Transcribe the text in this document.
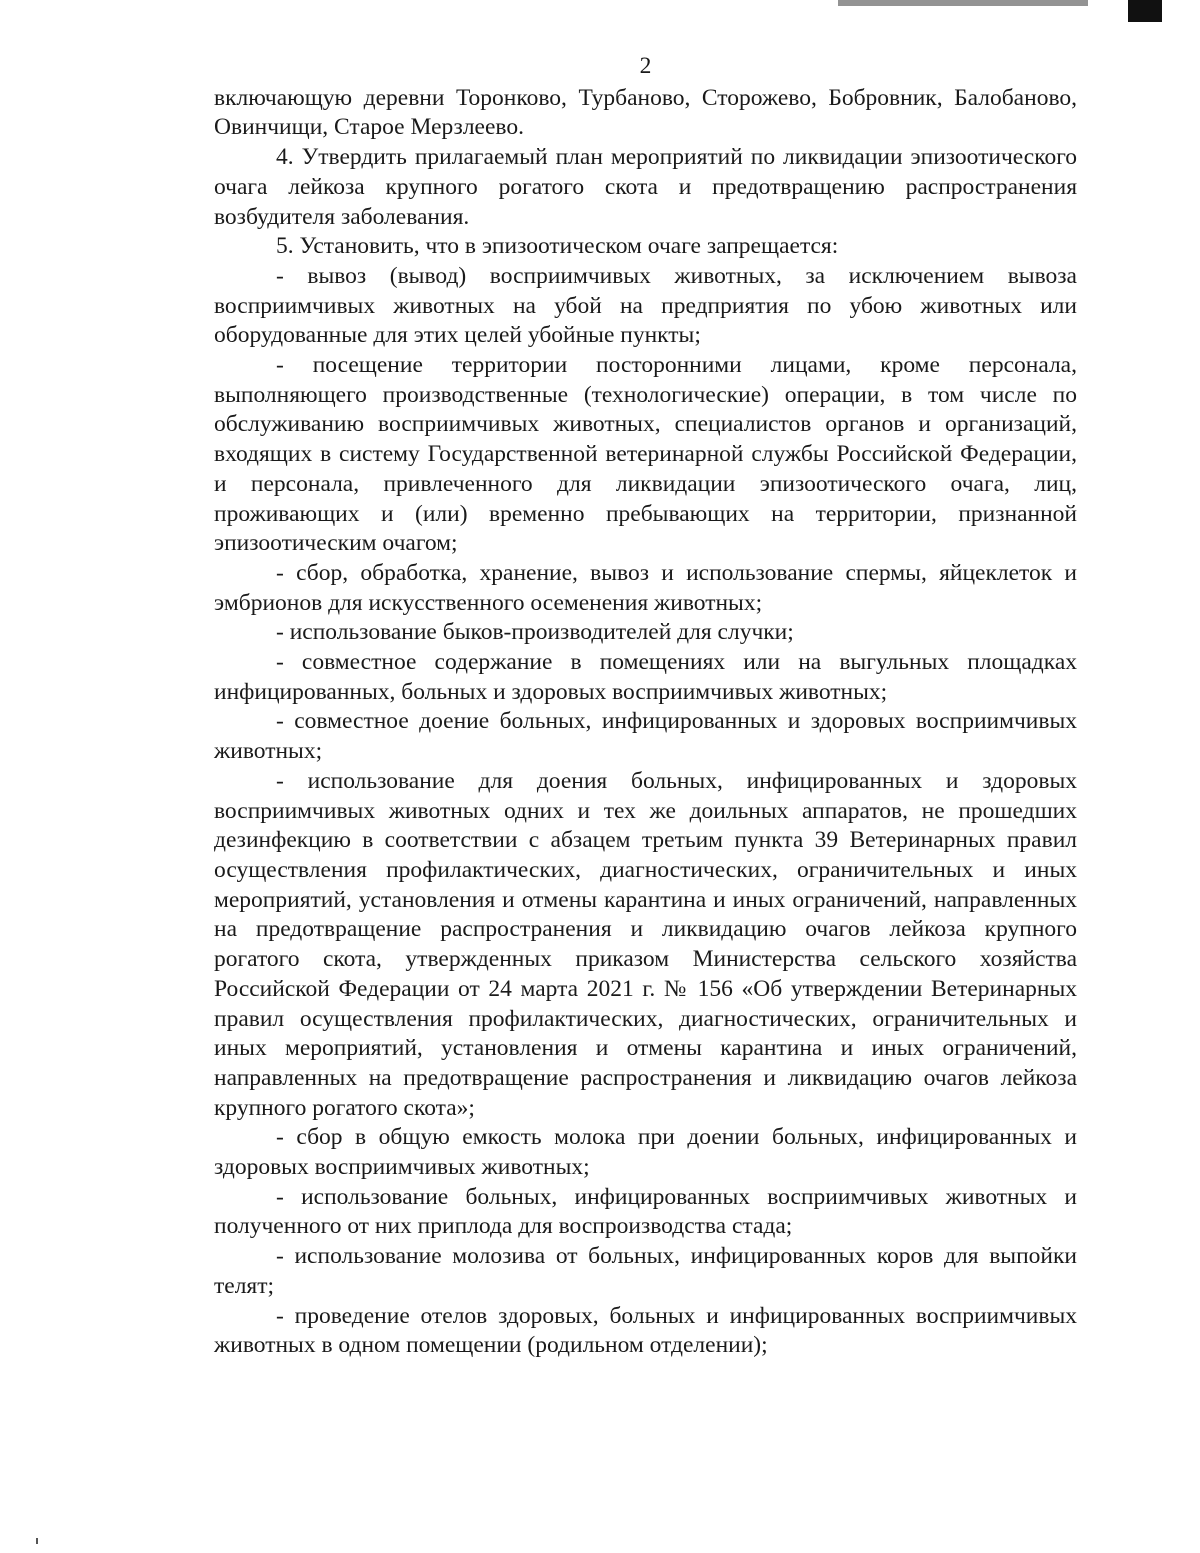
2

включающую деревни Торонково, Турбаново, Сторожево, Бобровник, Балобаново, Овинчищи, Старое Мерзлеево.

4. Утвердить прилагаемый план мероприятий по ликвидации эпизоотического очага лейкоза крупного рогатого скота и предотвращению распространения возбудителя заболевания.

5. Установить, что в эпизоотическом очаге запрещается:

- вывоз (вывод) восприимчивых животных, за исключением вывоза восприимчивых животных на убой на предприятия по убою животных или оборудованные для этих целей убойные пункты;

- посещение территории посторонними лицами, кроме персонала, выполняющего производственные (технологические) операции, в том числе по обслуживанию восприимчивых животных, специалистов органов и организаций, входящих в систему Государственной ветеринарной службы Российской Федерации, и персонала, привлеченного для ликвидации эпизоотического очага, лиц, проживающих и (или) временно пребывающих на территории, признанной эпизоотическим очагом;

- сбор, обработка, хранение, вывоз и использование спермы, яйцеклеток и эмбрионов для искусственного осеменения животных;

- использование быков-производителей для случки;

- совместное содержание в помещениях или на выгульных площадках инфицированных, больных и здоровых восприимчивых животных;

- совместное доение больных, инфицированных и здоровых восприимчивых животных;

- использование для доения больных, инфицированных и здоровых восприимчивых животных одних и тех же доильных аппаратов, не прошедших дезинфекцию в соответствии с абзацем третьим пункта 39 Ветеринарных правил осуществления профилактических, диагностических, ограничительных и иных мероприятий, установления и отмены карантина и иных ограничений, направленных на предотвращение распространения и ликвидацию очагов лейкоза крупного рогатого скота, утвержденных приказом Министерства сельского хозяйства Российской Федерации от 24 марта 2021 г. № 156 «Об утверждении Ветеринарных правил осуществления профилактических, диагностических, ограничительных и иных мероприятий, установления и отмены карантина и иных ограничений, направленных на предотвращение распространения и ликвидацию очагов лейкоза крупного рогатого скота»;

- сбор в общую емкость молока при доении больных, инфицированных и здоровых восприимчивых животных;

- использование больных, инфицированных восприимчивых животных и полученного от них приплода для воспроизводства стада;

- использование молозива от больных, инфицированных коров для выпойки телят;

- проведение отелов здоровых, больных и инфицированных восприимчивых животных в одном помещении (родильном отделении);
